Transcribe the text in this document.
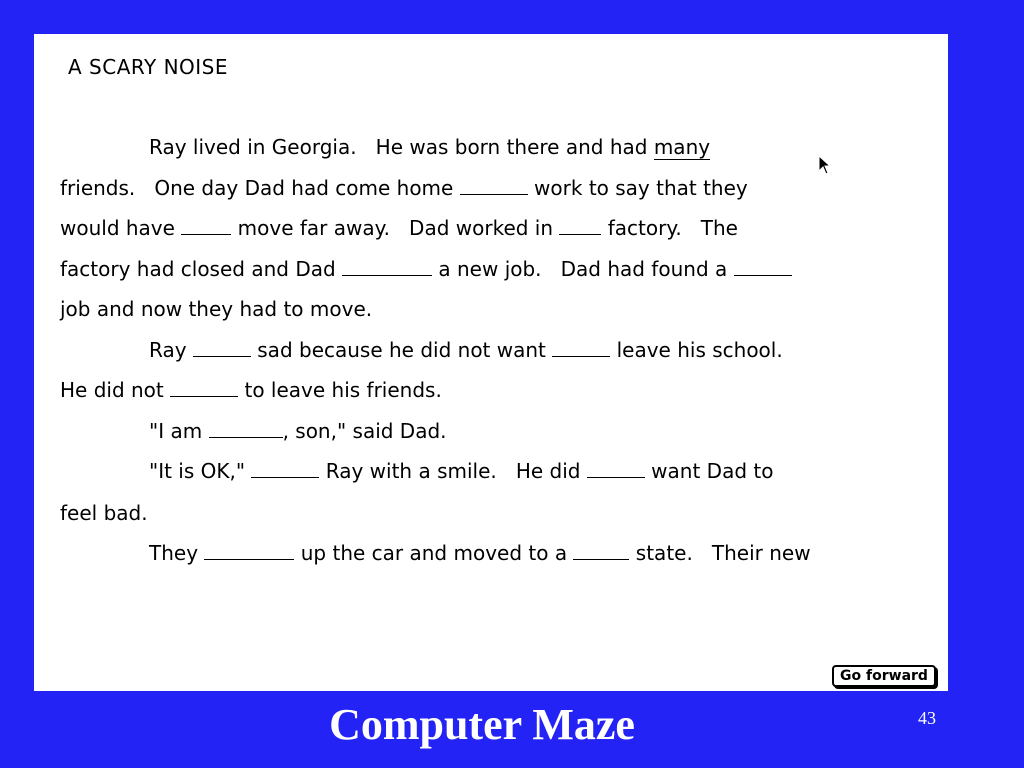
A SCARY NOISE
Ray lived in Georgia.   He was born there and had many
friends.   One day Dad had come home	work to say that they
would have	move far away.   Dad worked in  factory.   The
factory had closed and Dad	a new job.   Dad had found a
job and now they had to move.
Ray	sad because he did not want	leave his school.
He did not	to leave his friends.
"I am	, son," said Dad.
"It is OK,"	Ray with a smile.   He did	want Dad to
feel bad.
They	up the car and moved to a	state.   Their new
Go forward
Computer Maze	43
